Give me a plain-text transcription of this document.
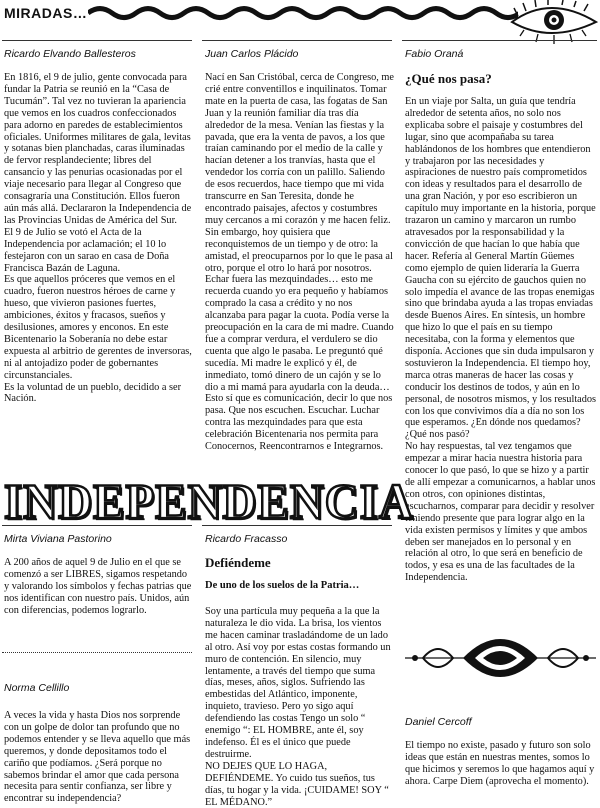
MIRADAS…
Ricardo Elvando Ballesteros

En 1816, el 9 de julio, gente convocada para fundar la Patria se reunió en la “Casa de Tucumán”. Tal vez no tuvieran la apariencia que vemos en los cuadros confeccionados para adorno en paredes de establecimientos oficiales. Uniformes militares de gala, levitas y sotanas bien planchadas, caras iluminadas de fervor resplandeciente; libres del cansancio y las penurias ocasionadas por el viaje necesario para llegar al Congreso que consagraría una Constitución. Ellos fueron aún más allá. Declararon la Independencia de las Provincias Unidas de América del Sur.

El 9 de Julio se votó el Acta de la Independencia por aclamación; el 10 lo festejaron con un sarao en casa de Doña Francisca Bazán de Laguna.

Es que aquellos próceres que vemos en el cuadro, fueron nuestros héroes de carne y hueso, que vivieron pasiones fuertes, ambiciones, éxitos y fracasos, sueños y desilusiones, amores y enconos. En este Bicentenario la Soberanía no debe estar expuesta al arbitrio de gerentes de inversoras, ni al antojadizo poder de gobernantes circunstanciales.

Es la voluntad de un pueblo, decidido a ser Nación.

Juan Carlos Plácido

Nací en San Cristóbal, cerca de Congreso, me crié entre conventillos e inquilinatos. Tomar mate en la puerta de casa, las fogatas de San Juan y la reunión familiar día tras día alrededor de la mesa. Venían las fiestas y la pavada, que era la venta de pavos, a los que traían caminando por el medio de la calle y hacían detener a los tranvías, hasta que el vendedor los corría con un palillo. Saliendo de esos recuerdos, hace tiempo que mi vida transcurre en San Teresita, donde he encontrado paisajes, afectos y costumbres muy cercanos a mi corazón y me hacen feliz. Sin embargo, hoy quisiera que reconquistemos de un tiempo y de otro: la amistad, el preocuparnos por lo que le pasa al otro, porque el otro lo hará por nosotros. Echar fuera las mezquindades… esto me recuerda cuando yo era pequeño y habíamos comprado la casa a crédito y no nos alcanzaba para pagar la cuota. Podía verse la preocupación en la cara de mi madre. Cuando fue a comprar verdura, el verdulero se dio cuenta que algo le pasaba. Le preguntó qué sucedía. Mi madre le explicó y él, de inmediato, tomó dinero de un cajón y se lo dio a mi mamá para ayudarla con la deuda… Esto sí que es comunicación, decir lo que nos pasa. Que nos escuchen. Escuchar. Luchar contra las mezquindades para que esta celebración Bicentenaria nos permita para Conocernos, Reencontrarnos e Integrarnos.

Fabio Oraná
¿Qué nos pasa?

En un viaje por Salta, un guía que tendría alrededor de setenta años, no solo nos explicaba sobre el paisaje y costumbres del lugar, sino que acompañaba su tarea hablándonos de los hombres que entendieron y trabajaron por las necesidades y aspiraciones de nuestro país comprometidos con ideas y resultados para el desarrollo de una gran Nación, y por eso escribieron un capítulo muy importante en la historia, porque trazaron un camino y marcaron un rumbo atravesados por la responsabilidad y la convicción de que hacían lo que había que hacer. Refería al General Martín Güemes como ejemplo de quien lideraría la Guerra Gaucha con su ejército de gauchos quien no solo impedía el avance de las tropas enemigas sino que brindaba ayuda a las tropas enviadas desde Buenos Aires. En síntesis, un hombre que hizo lo que el país en su tiempo necesitaba, con la forma y elementos que disponía. Acciones que sin duda impulsaron y sostuvieron la Independencia. El tiempo hoy, marca otras maneras de hacer las cosas y conducir los destinos de todos, y aún en lo personal, de nosotros mismos, y los resultados con los que convivimos día a día no son los que esperamos. ¿En dónde nos quedamos? ¿Qué nos pasó?

No hay respuestas, tal vez tengamos que empezar a mirar hacia nuestra historia para conocer lo que pasó, lo que se hizo y a partir de allí empezar a comunicarnos, a hablar unos con otros, con opiniones distintas, escucharnos, comparar para decidir y resolver teniendo presente que para lograr algo en la vida existen permisos y límites y que ambos deben ser manejados en lo personal y en relación al otro, lo que será en beneficio de todos, y esa es una de las facultades de la Independencia.

INDEPENDENCIA
Mirta Viviana Pastorino

A 200 años de aquel 9 de Julio en el que se comenzó a ser LIBRES, sigamos respetando y valorando los símbolos y fechas patrias que nos identifican con nuestro país. Unidos, aún con diferencias, podemos lograrlo.

Norma Cellillo

A veces la vida y hasta Dios nos sorprende con un golpe de dolor tan profundo que no podemos entender y se lleva aquello que más queremos, y donde depositamos todo el cariño que podíamos. ¿Será porque no sabemos brindar el amor que cada persona necesita para sentir confianza, ser libre y encontrar su independencia?

Ricardo Fracasso
Defiéndeme
De uno de los suelos de la Patria…

Soy una partícula muy pequeña a la que la naturaleza le dio vida. La brisa, los vientos me hacen caminar trasladándome de un lado al otro. Así voy por estas costas formando un muro de contención. En silencio, muy lentamente, a través del tiempo que suma días, meses, años, siglos. Sufriendo las embestidas del Atlántico, imponente, inquieto, travieso. Pero yo sigo aquí defendiendo las costas Tengo un solo “ enemigo “: EL HOMBRE, ante él, soy indefenso. Él es el único que puede destruirme.

NO DEJES QUE LO HAGA, DEFIÉNDEME. Yo cuido tus sueños, tus días, tu hogar y la vida. ¡CUIDAME! SOY “ EL MÉDANO.”

Daniel Cercoff

El tiempo no existe, pasado y futuro son solo ideas que están en nuestras mentes, somos lo que hicimos y seremos lo que hagamos aquí y ahora. Carpe Diem (aprovecha el momento).
